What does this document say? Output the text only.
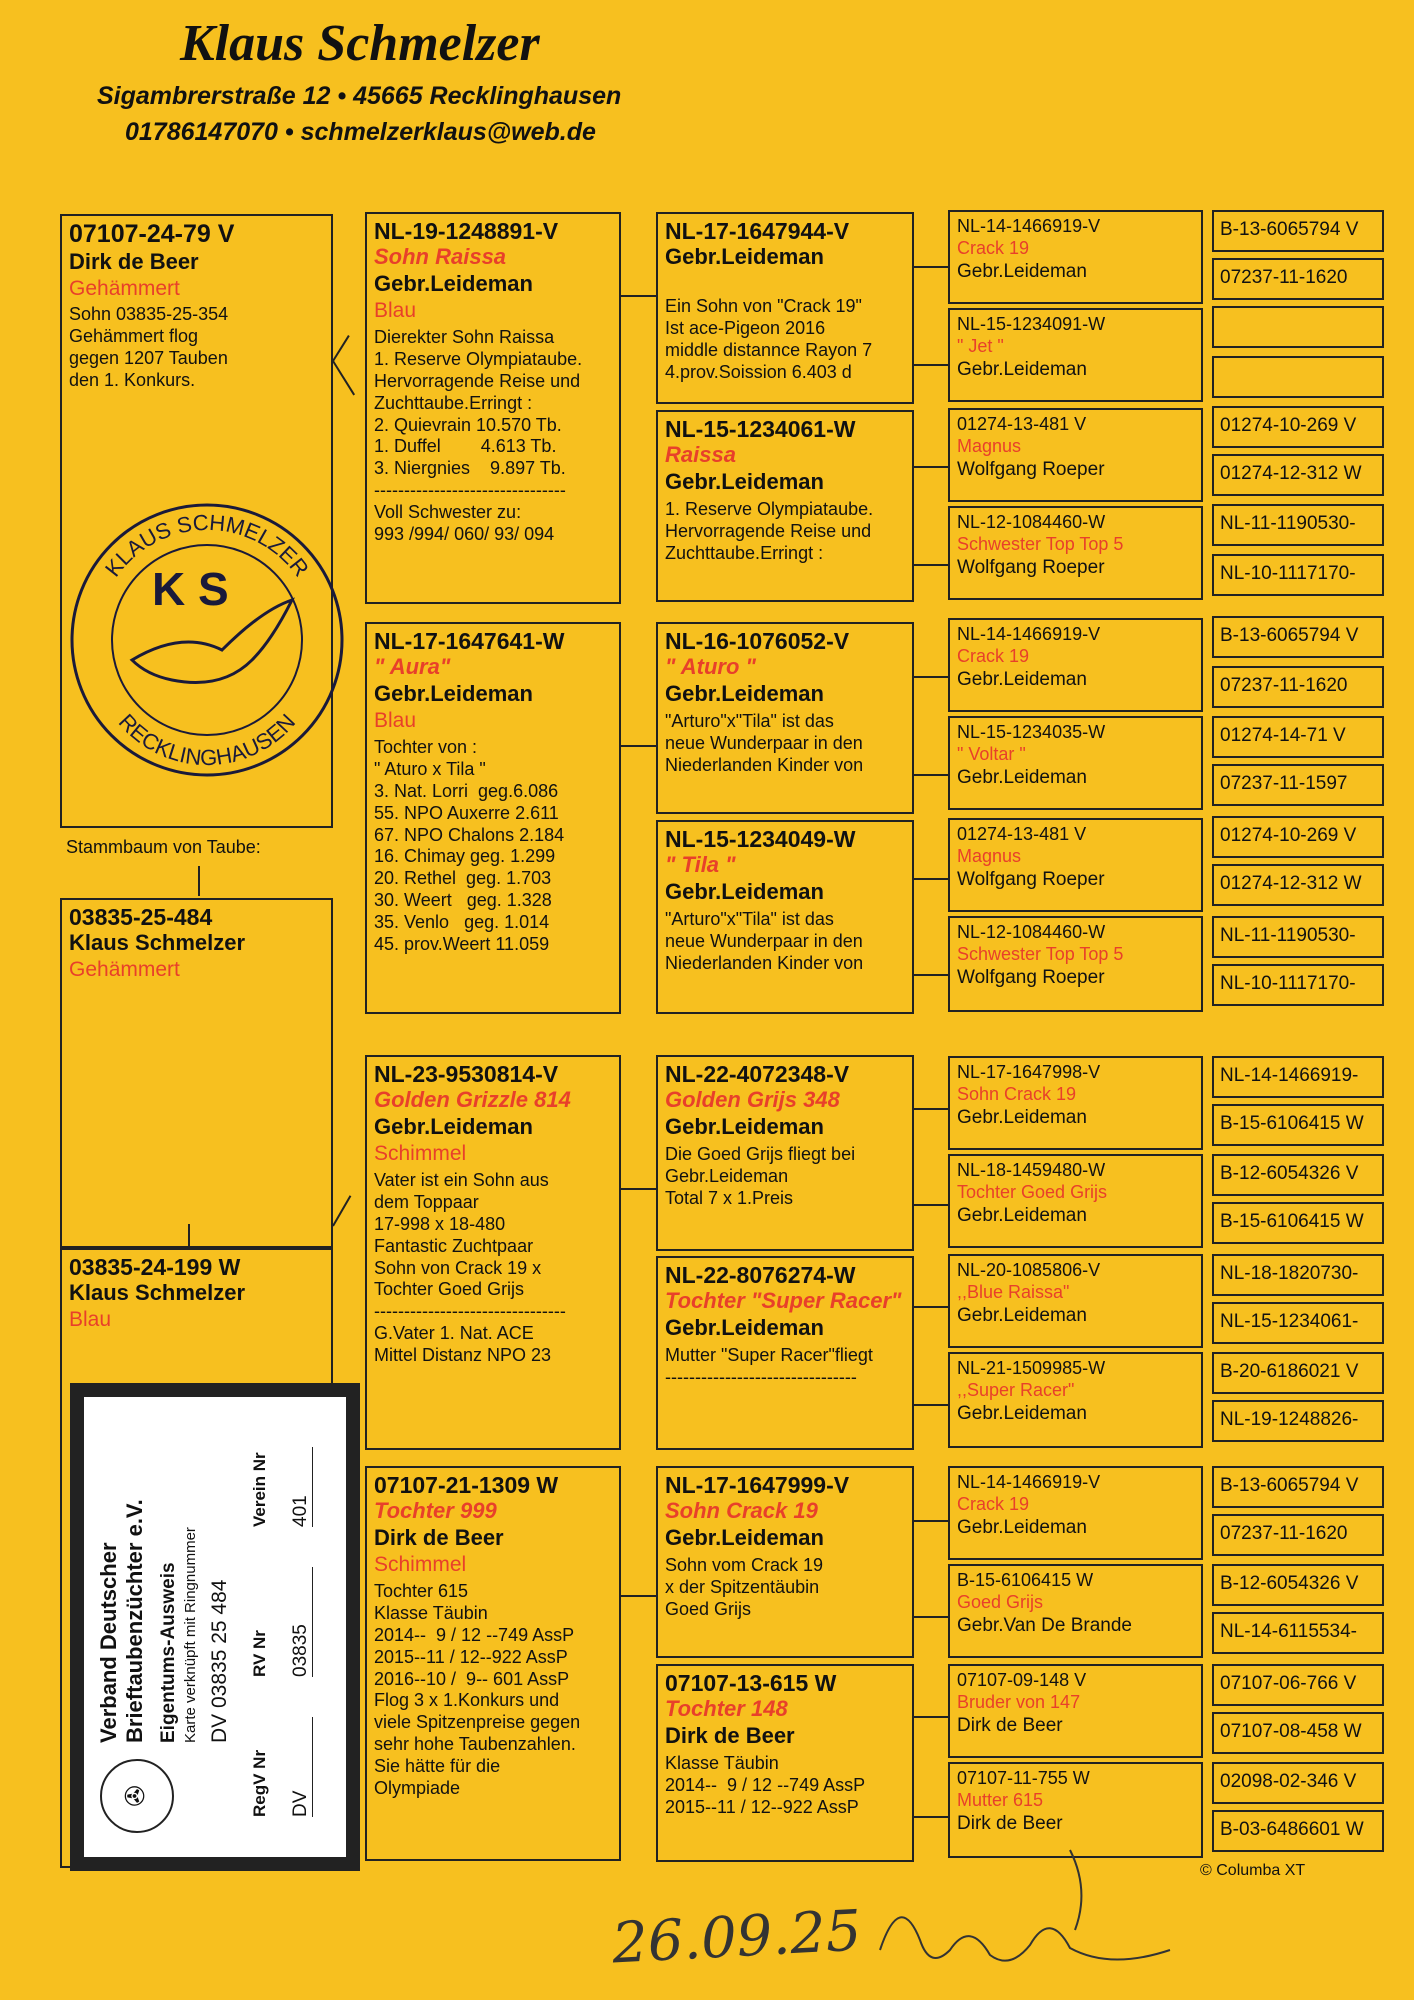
Klaus Schmelzer
Sigambrerstraße 12 • 45665 Recklinghausen
01786147070 • schmelzerklaus@web.de
07107-24-79 V
Dirk de Beer
Gehämmert
Sohn 03835-25-354
Gehämmert flog
gegen 1207 Tauben
den 1. Konkurs.
KLAUS SCHMELZER
RECKLINGHAUSEN
K S
Stammbaum von Taube:
03835-25-484
Klaus Schmelzer
Gehämmert
03835-24-199 W
Klaus Schmelzer
Blau
NL-19-1248891-V
Sohn Raissa
Gebr.Leideman
Blau
Dierekter Sohn Raissa
1. Reserve Olympiataube.
Hervorragende Reise und
Zuchttaube.Erringt :
2. Quievrain 10.570 Tb.
1. Duffel        4.613 Tb.
3. Niergnies    9.897 Tb.
--------------------------------
Voll Schwester zu:
993 /994/ 060/ 93/ 094
NL-17-1647641-W
" Aura"
Gebr.Leideman
Blau
Tochter von :
" Aturo x Tila "
3. Nat. Lorri  geg.6.086
55. NPO Auxerre 2.611
67. NPO Chalons 2.184
16. Chimay geg. 1.299
20. Rethel  geg. 1.703
30. Weert   geg. 1.328
35. Venlo   geg. 1.014
45. prov.Weert 11.059
NL-23-9530814-V
Golden Grizzle 814
Gebr.Leideman
Schimmel
Vater ist ein Sohn aus
dem Toppaar
17-998 x 18-480
Fantastic Zuchtpaar
Sohn von Crack 19 x
Tochter Goed Grijs
--------------------------------
G.Vater 1. Nat. ACE
Mittel Distanz NPO 23
07107-21-1309 W
Tochter 999
Dirk de Beer
Schimmel
Tochter 615
Klasse Täubin
2014--  9 / 12 --749 AssP
2015--11 / 12--922 AssP
2016--10 /  9-- 601 AssP
Flog 3 x 1.Konkurs und
viele Spitzenpreise gegen
sehr hohe Taubenzahlen.
Sie hätte für die
Olympiade
NL-17-1647944-V
Gebr.Leideman

Ein Sohn von "Crack 19"
Ist ace-Pigeon 2016
middle distannce Rayon 7
4.prov.Soission 6.403 d
NL-15-1234061-W
Raissa
Gebr.Leideman
1. Reserve Olympiataube.
Hervorragende Reise und
Zuchttaube.Erringt :
NL-16-1076052-V
" Aturo "
Gebr.Leideman
"Arturo"x"Tila" ist das
neue Wunderpaar in den
Niederlanden Kinder von
NL-15-1234049-W
" Tila "
Gebr.Leideman
"Arturo"x"Tila" ist das
neue Wunderpaar in den
Niederlanden Kinder von
NL-22-4072348-V
Golden Grijs 348
Gebr.Leideman
Die Goed Grijs fliegt bei
Gebr.Leideman
Total 7 x 1.Preis
NL-22-8076274-W
Tochter "Super Racer"
Gebr.Leideman
Mutter "Super Racer"fliegt
--------------------------------
NL-17-1647999-V
Sohn Crack 19
Gebr.Leideman
Sohn vom Crack 19
x der Spitzentäubin
Goed Grijs
07107-13-615 W
Tochter 148
Dirk de Beer
Klasse Täubin
2014--  9 / 12 --749 AssP
2015--11 / 12--922 AssP
NL-14-1466919-V
Crack 19
Gebr.Leideman
NL-15-1234091-W
" Jet "
Gebr.Leideman
01274-13-481 V
Magnus
Wolfgang Roeper
NL-12-1084460-W
Schwester Top Top 5
Wolfgang Roeper
NL-14-1466919-V
Crack 19
Gebr.Leideman
NL-15-1234035-W
" Voltar "
Gebr.Leideman
01274-13-481 V
Magnus
Wolfgang Roeper
NL-12-1084460-W
Schwester Top Top 5
Wolfgang Roeper
NL-17-1647998-V
Sohn Crack 19
Gebr.Leideman
NL-18-1459480-W
Tochter Goed Grijs
Gebr.Leideman
NL-20-1085806-V
,,Blue Raissa"
Gebr.Leideman
NL-21-1509985-W
,,Super Racer"
Gebr.Leideman
NL-14-1466919-V
Crack 19
Gebr.Leideman
B-15-6106415 W
Goed Grijs
Gebr.Van De Brande
07107-09-148 V
Bruder von 147
Dirk de Beer
07107-11-755 W
Mutter 615
Dirk de Beer
B-13-6065794 V
07237-11-1620
01274-10-269 V
01274-12-312 W
NL-11-1190530-
NL-10-1117170-
B-13-6065794 V
07237-11-1620
01274-14-71 V
07237-11-1597
01274-10-269 V
01274-12-312 W
NL-11-1190530-
NL-10-1117170-
NL-14-1466919-
B-15-6106415 W
B-12-6054326 V
B-15-6106415 W
NL-18-1820730-
NL-15-1234061-
B-20-6186021 V
NL-19-1248826-
B-13-6065794 V
07237-11-1620
B-12-6054326 V
NL-14-6115534-
07107-06-766 V
07107-08-458 W
02098-02-346 V
B-03-6486601 W
✇
Verband Deutscher Brieftaubenzüchter e.V. Eigentums-Ausweis Karte verknüpft mit Ringnummer DV 03835 25 484
RegV Nr
RV Nr
Verein Nr
DV
03835
401
© Columba XT
26.09.25
